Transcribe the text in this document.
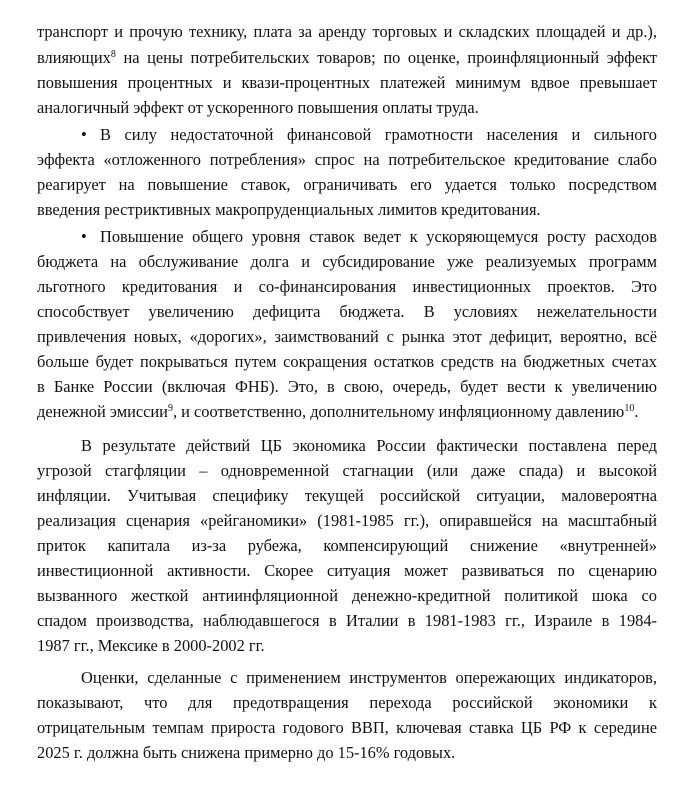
транспорт и прочую технику, плата за аренду торговых и складских площадей и др.),
влияющих$^8$ на цены потребительских товаров; по оценке, проинфляционный эффект
повышения процентных и квази-процентных платежей минимум вдвое превышает
аналогичный эффект от ускоренного повышения оплаты труда.
• В силу недостаточной финансовой грамотности населения и сильного
эффекта «отложенного потребления» спрос на потребительское кредитование слабо
реагирует на повышение ставок, ограничивать его удается только посредством
введения рестриктивных макропруденциальных лимитов кредитования.
• Повышение общего уровня ставок ведет к ускоряющемуся росту расходов
бюджета на обслуживание долга и субсидирование уже реализуемых программ
льготного кредитования и со-финансирования инвестиционных проектов. Это
способствует увеличению дефицита бюджета. В условиях нежелательности
привлечения новых, «дорогих», заимствований с рынка этот дефицит, вероятно, всё
больше будет покрываться путем сокращения остатков средств на бюджетных счетах
в Банке России (включая ФНБ). Это, в свою, очередь, будет вести к увеличению
денежной эмиссии$^9$, и соответственно, дополнительному инфляционному давлению$^{10}$.
В результате действий ЦБ экономика России фактически поставлена перед
угрозой стагфляции – одновременной стагнации (или даже спада) и высокой
инфляции. Учитывая специфику текущей российской ситуации, маловероятна
реализация сценария «рейганомики» (1981-1985 гг.), опиравшейся на масштабный
приток капитала из-за рубежа, компенсирующий снижение «внутренней»
инвестиционной активности. Скорее ситуация может развиваться по сценарию
вызванного жесткой антиинфляционной денежно-кредитной политикой шока со
спадом производства, наблюдавшегося в Италии в 1981-1983 гг., Израиле в 1984-
1987 гг., Мексике в 2000-2002 гг.
Оценки, сделанные с применением инструментов опережающих индикаторов,
показывают, что для предотвращения перехода российской экономики к
отрицательным темпам прироста годового ВВП, ключевая ставка ЦБ РФ к середине
2025 г. должна быть снижена примерно до 15-16% годовых.
